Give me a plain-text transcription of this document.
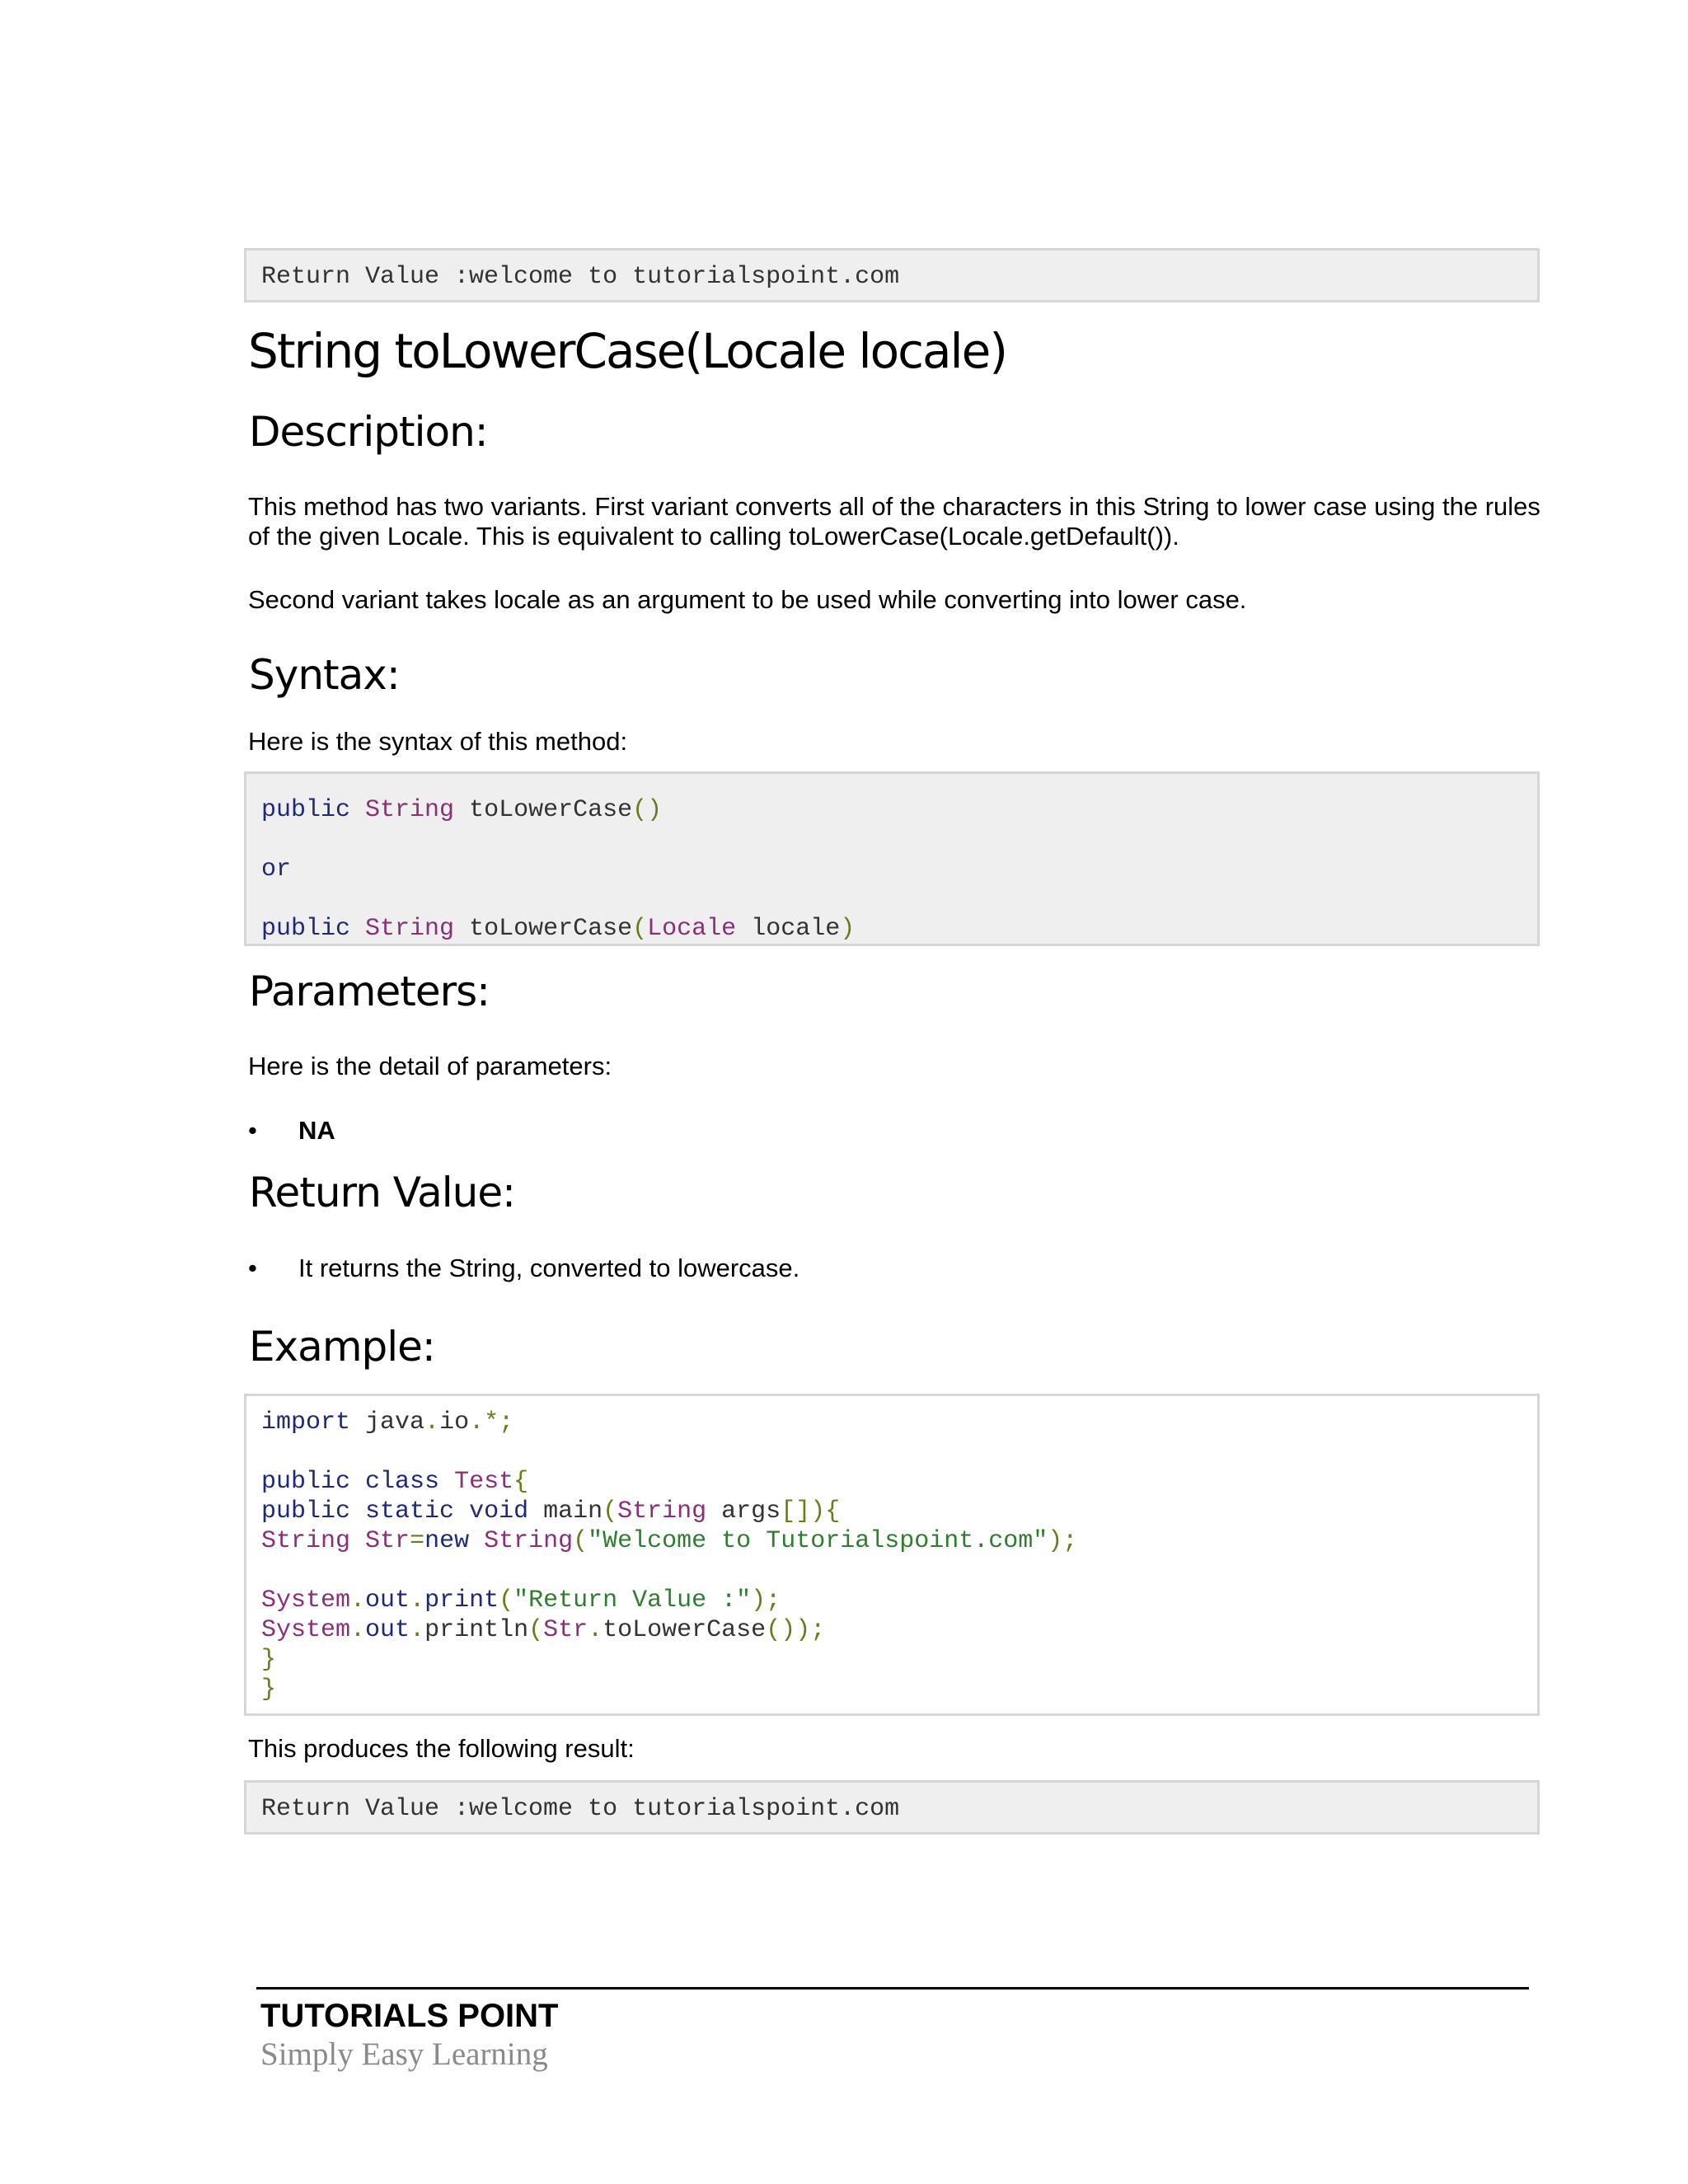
Return Value :welcome to tutorialspoint.com
String toLowerCase(Locale locale)
Description:
This method has two variants. First variant converts all of the characters in this String to lower case using the rules of the given Locale. This is equivalent to calling toLowerCase(Locale.getDefault()).
Second variant takes locale as an argument to be used while converting into lower case.
Syntax:
Here is the syntax of this method:
public String toLowerCase()
or
public String toLowerCase(Locale locale)
Parameters:
Here is the detail of parameters:
• NA
Return Value:
• It returns the String, converted to lowercase.
Example:
import java.io.*;

public class Test{
public static void main(String args[]){
String Str=new String("Welcome to Tutorialspoint.com");

System.out.print("Return Value :");
System.out.println(Str.toLowerCase());
}
}
This produces the following result:
Return Value :welcome to tutorialspoint.com
TUTORIALS POINT
Simply Easy Learning
